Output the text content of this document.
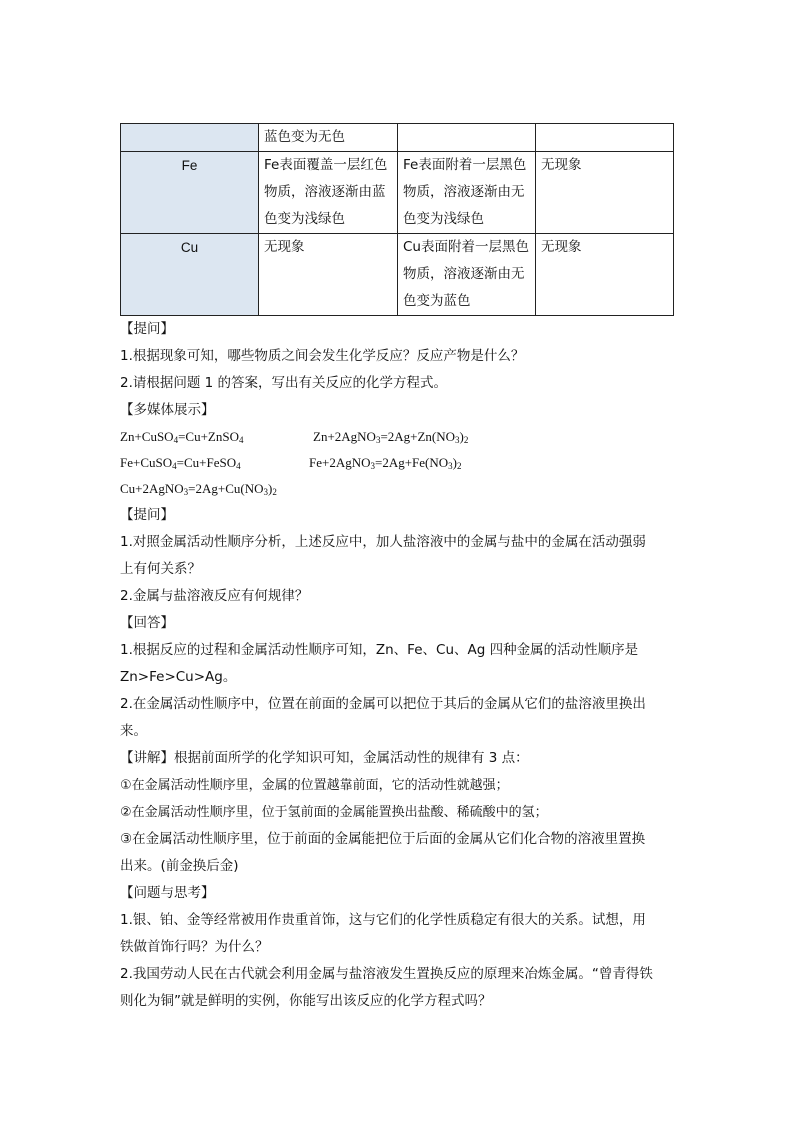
	蓝色变为无色		
Fe	Fe表面覆盖一层红色物质，溶液逐渐由蓝色变为浅绿色	Fe表面附着一层黑色物质，溶液逐渐由无色变为浅绿色	无现象
Cu	无现象	Cu表面附着一层黑色物质，溶液逐渐由无色变为蓝色	无现象
【提问】
1.根据现象可知，哪些物质之间会发生化学反应？反应产物是什么？
2.请根据问题 1 的答案，写出有关反应的化学方程式。
【多媒体展示】
Zn+CuSO$_4$=Cu+ZnSO$_4$	$Zn+2AgNO_3=2Ag+Zn(NO_3)_2$
Fe+CuSO$_4$=Cu+FeSO$_4$	$Fe+2AgNO_3=2Ag+Fe(NO_3)_2$
$Cu+2AgNO_3=2Ag+Cu(NO_3)_2$
【提问】
1.对照金属活动性顺序分析，上述反应中，加人盐溶液中的金属与盐中的金属在活动强弱
上有何关系？
2.金属与盐溶液反应有何规律？
【回答】
1.根据反应的过程和金属活动性顺序可知，Zn、Fe、Cu、Ag 四种金属的活动性顺序是
Zn>Fe>Cu>Ag。
2.在金属活动性顺序中，位置在前面的金属可以把位于其后的金属从它们的盐溶液里换出
来。
【讲解】根据前面所学的化学知识可知，金属活动性的规律有 3 点：
①在金属活动性顺序里，金属的位置越靠前面，它的活动性就越强；
②在金属活动性顺序里，位于氢前面的金属能置换出盐酸、稀硫酸中的氢；
③在金属活动性顺序里，位于前面的金属能把位于后面的金属从它们化合物的溶液里置换
出来。(前金换后金)
【问题与思考】
1.银、铂、金等经常被用作贵重首饰，这与它们的化学性质稳定有很大的关系。试想，用
铁做首饰行吗？为什么？
2.我国劳动人民在古代就会利用金属与盐溶液发生置换反应的原理来冶炼金属。“曾青得铁
则化为铜”就是鲜明的实例，你能写出该反应的化学方程式吗？
